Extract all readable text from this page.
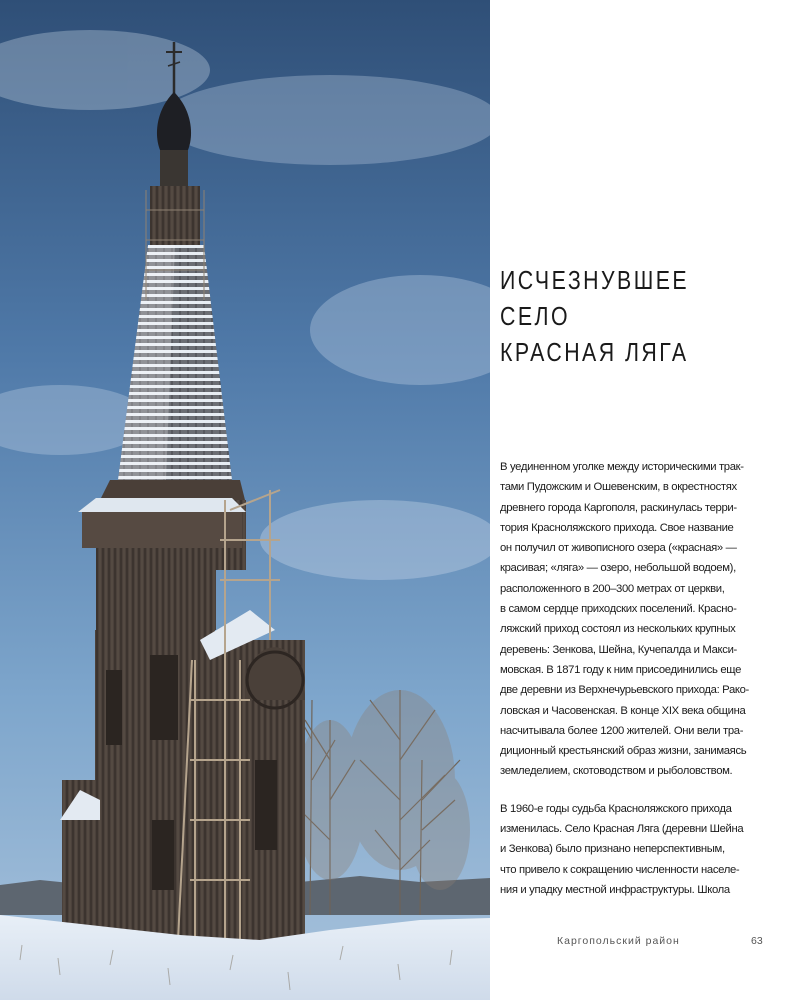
ИСЧЕЗНУВШЕЕ
СЕЛО
КРАСНАЯ ЛЯГА

В уединенном уголке между историческими трак-
тами Пудожским и Ошевенским, в окрестностях
древнего города Каргополя, раскинулась терри-
тория Красноляжского прихода. Свое название
он получил от живописного озера («красная» —
красивая; «ляга» — озеро, небольшой водоем),
расположенного в 200–300 метрах от церкви,
в самом сердце приходских поселений. Красно-
ляжский приход состоял из нескольких крупных
деревень: Зенкова, Шейна, Кучепалда и Макси-
мовская. В 1871 году к ним присоединились еще
две деревни из Верхнечурьевского прихода: Рако-
ловская и Часовенская. В конце XIX века община
насчитывала более 1200 жителей. Они вели тра-
диционный крестьянский образ жизни, занимаясь
земледелием, скотоводством и рыболовством.

В 1960-е годы судьба Красноляжского прихода
изменилась. Село Красная Ляга (деревни Шейна
и Зенкова) было признано неперспективным,
что привело к сокращению численности населе-
ния и упадку местной инфраструктуры. Школа

Каргопольский район	63
